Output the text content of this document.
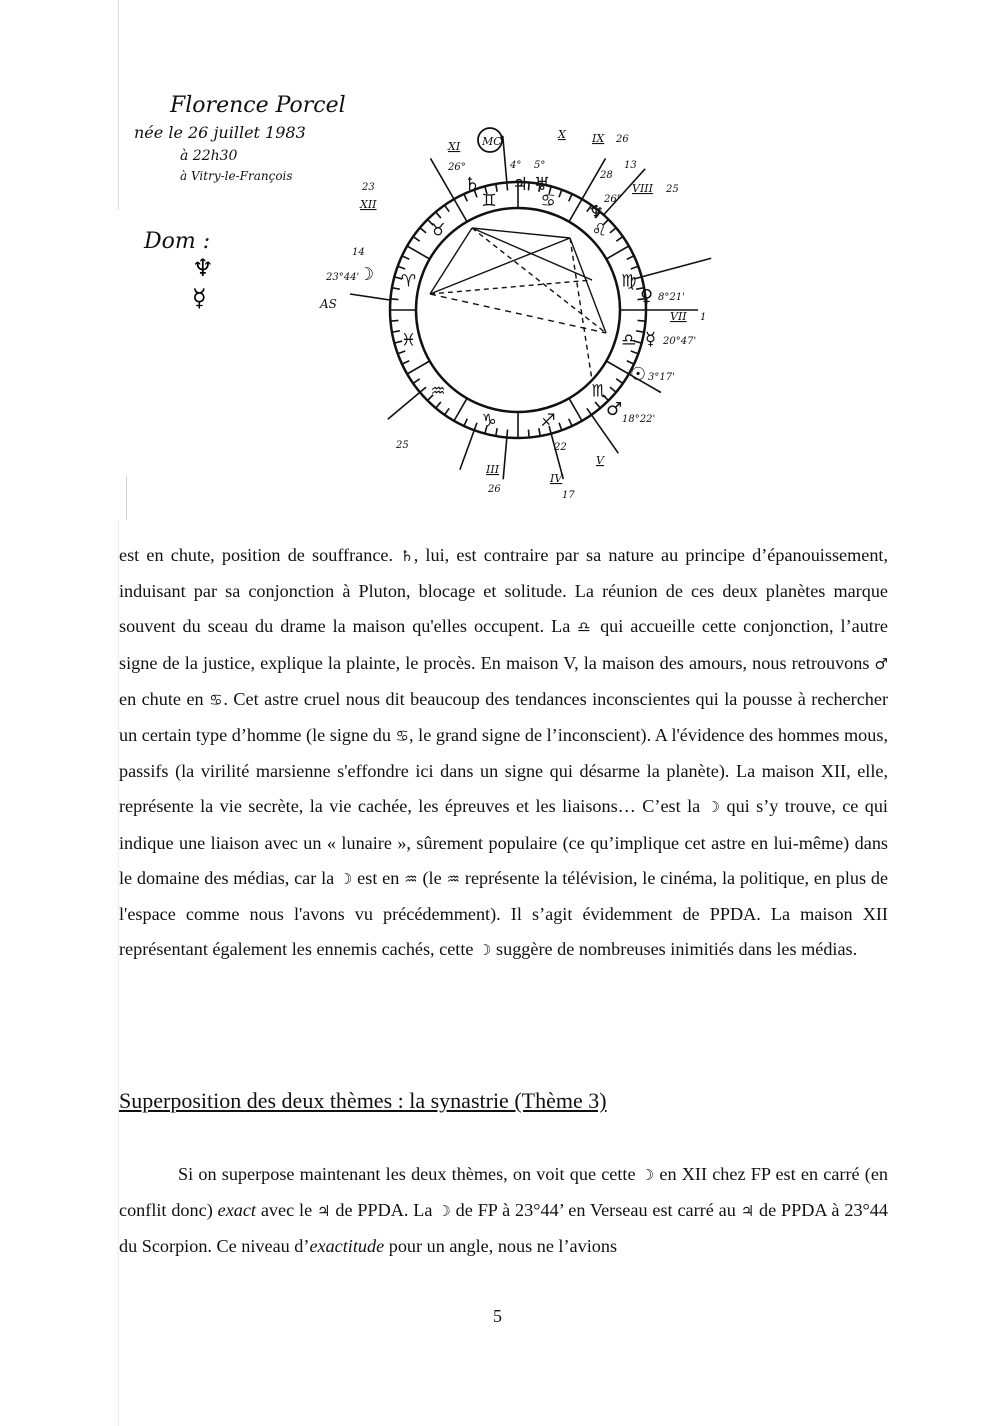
Florence Porcel
née le 26 juillet 1983
à 22h30
à Vitry-le-François
Dom :
♆
☿
♈
♉
♊	♋
♌
♍
♎
♏
♐
♑
♒
♓
MC
AS
XII
XI
X IX
VIII
VII
V
IV
III
♀
☿
☉
♂
☽
♄
♆
♃ ♅
8°21'
20°47'
3°17'
18°22'
23°44'
26°
26°
4° 5°
23
14
25
26
28
13
1
17
22
25
26

est en chute, position de souffrance. ♄, lui, est contraire par sa nature au principe d’épanouissement, induisant par sa conjonction à Pluton, blocage et solitude. La réunion de ces deux planètes marque souvent du sceau du drame la maison qu'elles occupent. La ♎ qui accueille cette conjonction, l’autre signe de la justice, explique la plainte, le procès. En maison V, la maison des amours, nous retrouvons ♂ en chute en ♋. Cet astre cruel nous dit beaucoup des tendances inconscientes qui la pousse à rechercher un certain type d’homme (le signe du ♋, le grand signe de l’inconscient). A l'évidence des hommes mous, passifs (la virilité marsienne s'effondre ici dans un signe qui désarme la planète). La maison XII, elle, représente la vie secrète, la vie cachée, les épreuves et les liaisons… C’est la ☽ qui s’y trouve, ce qui indique une liaison avec un « lunaire », sûrement populaire (ce qu’implique cet astre en lui-même) dans le domaine des médias, car la ☽ est en ♒ (le ♒ représente la télévision, le cinéma, la politique, en plus de l'espace comme nous l'avons vu précédemment). Il s’agit évidemment de PPDA. La maison XII représentant également les ennemis cachés, cette ☽ suggère de nombreuses inimitiés dans les médias.

Superposition des deux thèmes : la synastrie (Thème 3)

Si on superpose maintenant les deux thèmes, on voit que cette ☽ en XII chez FP est en carré (en conflit donc) exact avec le ♃ de PPDA. La ☽ de FP à 23°44’ en Verseau est carré au ♃ de PPDA à 23°44 du Scorpion. Ce niveau d’exactitude pour un angle, nous ne l’avions

5
